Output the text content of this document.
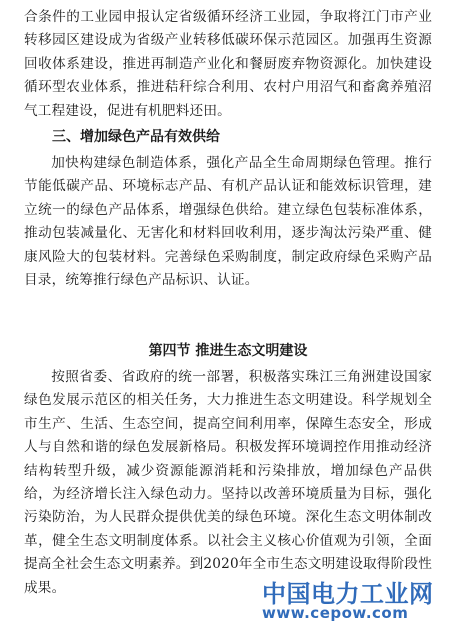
合条件的工业园申报认定省级循环经济工业园，争取将江门市产业转移园区建设成为省级产业转移低碳环保示范园区。加强再生资源回收体系建设，推进再制造产业化和餐厨废弃物资源化。加快建设循环型农业体系，推进秸秆综合利用、农村户用沼气和畜禽养殖沼气工程建设，促进有机肥料还田。

三、增加绿色产品有效供给

加快构建绿色制造体系，强化产品全生命周期绿色管理。推行节能低碳产品、环境标志产品、有机产品认证和能效标识管理，建立统一的绿色产品体系，增强绿色供给。建立绿色包装标准体系，推动包装减量化、无害化和材料回收利用，逐步淘汰污染严重、健康风险大的包装材料。完善绿色采购制度，制定政府绿色采购产品目录，统筹推行绿色产品标识、认证。

第四节 推进生态文明建设

按照省委、省政府的统一部署，积极落实珠江三角洲建设国家绿色发展示范区的相关任务，大力推进生态文明建设。科学规划全市生产、生活、生态空间，提高空间利用率，保障生态安全，形成人与自然和谐的绿色发展新格局。积极发挥环境调控作用推动经济结构转型升级，减少资源能源消耗和污染排放，增加绿色产品供给，为经济增长注入绿色动力。坚持以改善环境质量为目标，强化污染防治，为人民群众提供优美的绿色环境。深化生态文明体制改革，健全生态文明制度体系。以社会主义核心价值观为引领，全面提高全社会生态文明素养。到2020年全市生态文明建设取得阶段性成果。	中国电力工业网
www.cepow.com
